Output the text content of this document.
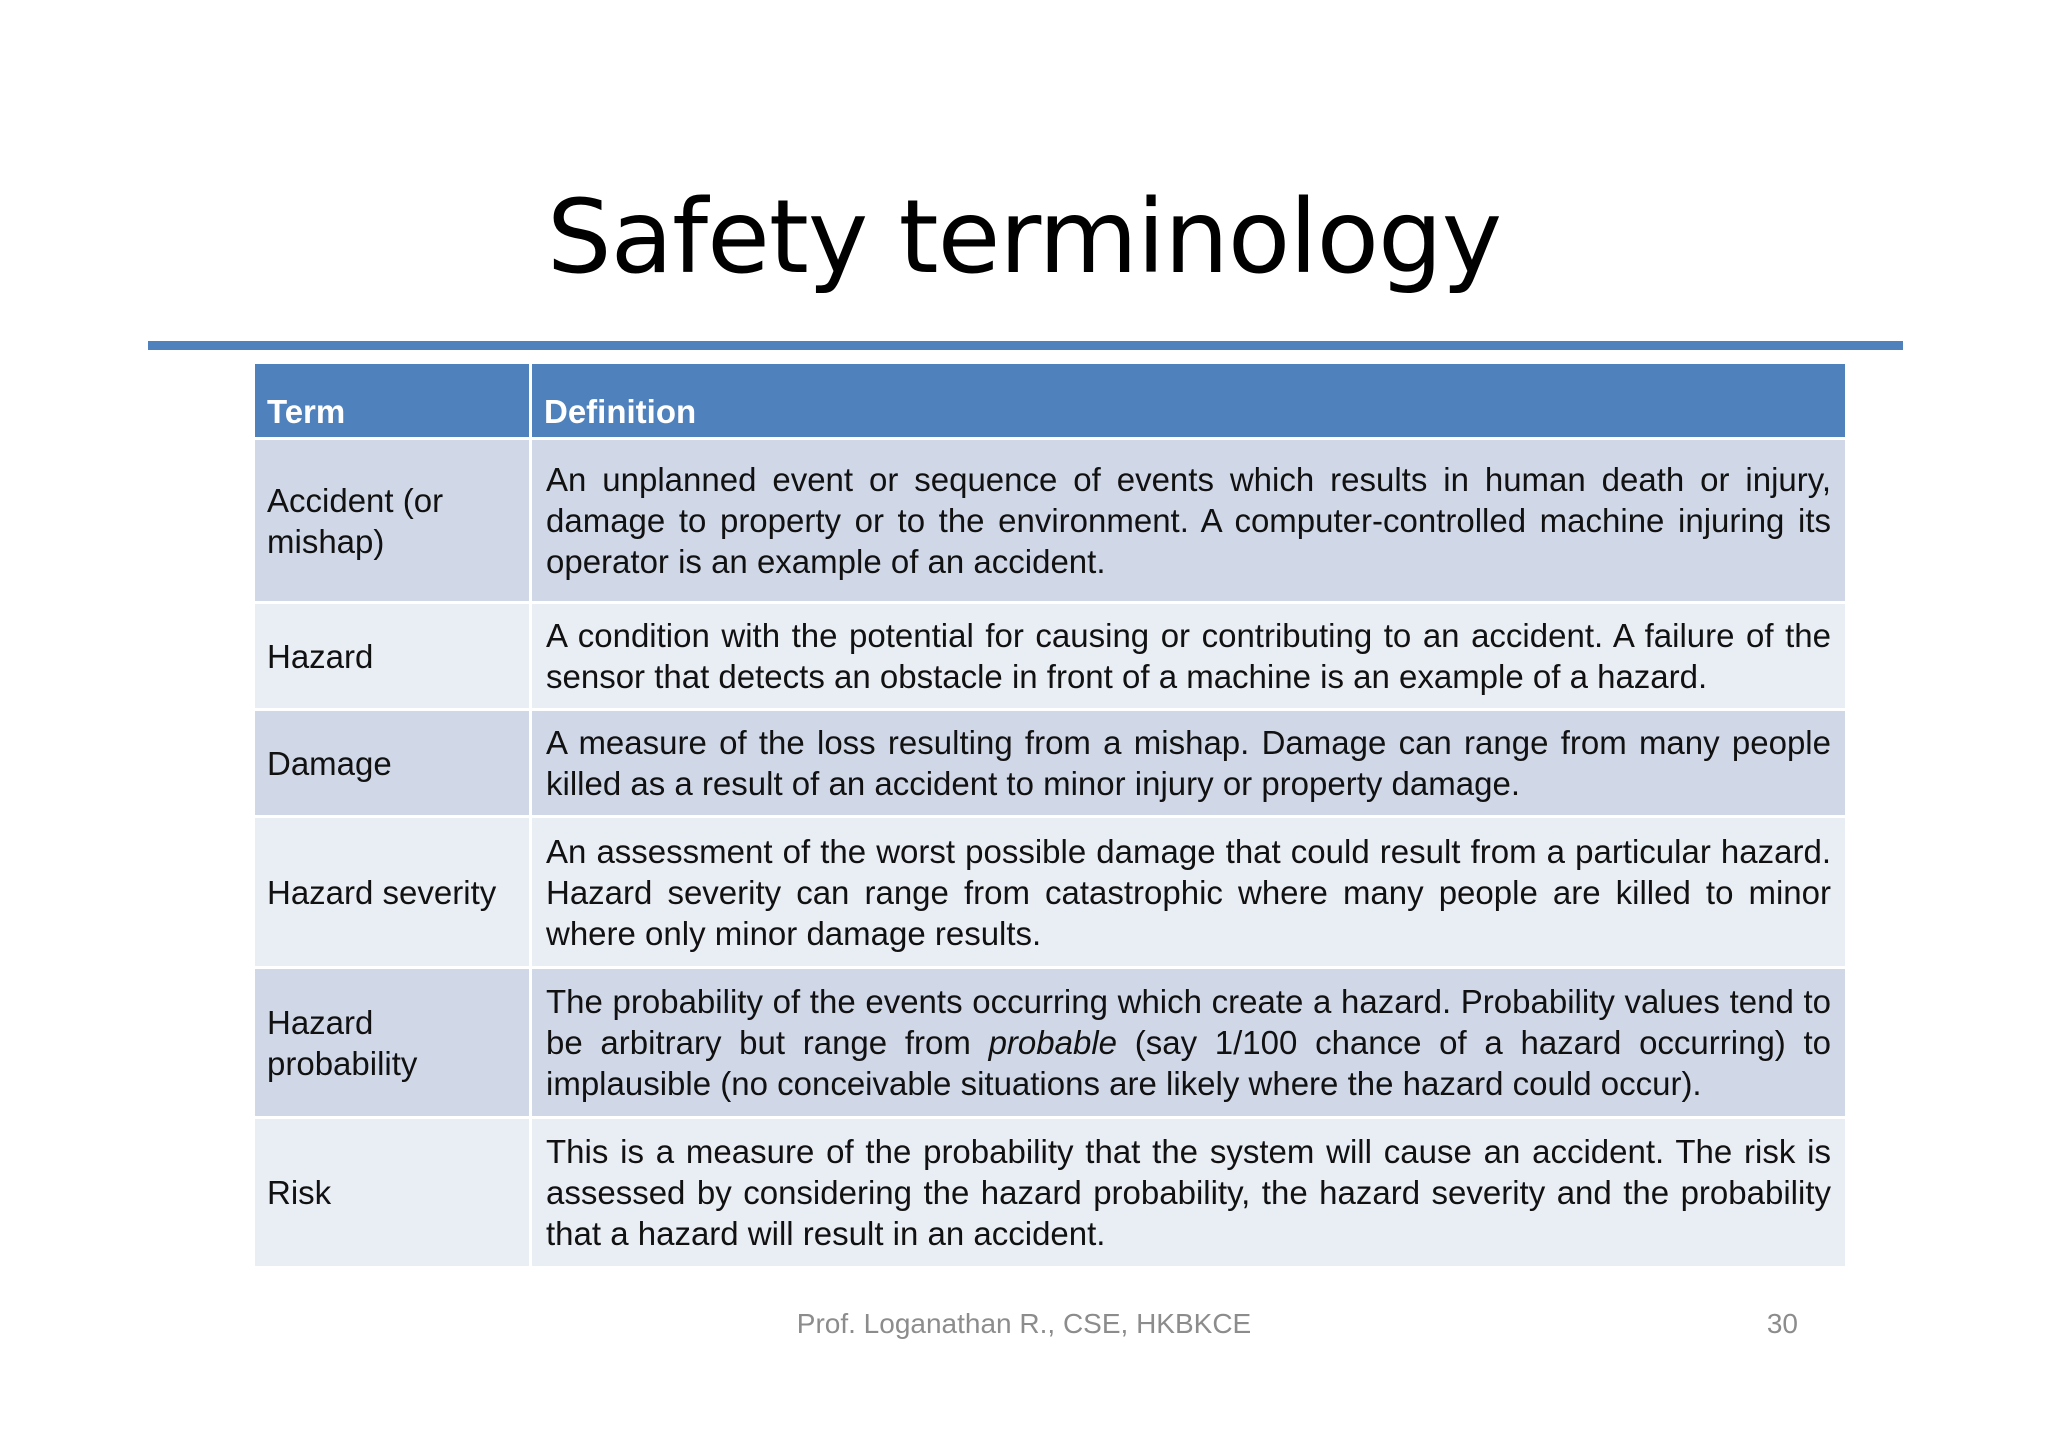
Safety terminology
Term	Definition
Accident (or mishap)	An unplanned event or sequence of events which results in human death or injury, damage to property or to the environment. A computer-controlled machine injuring its operator is an example of an accident.
Hazard	A condition with the potential for causing or contributing to an accident. A failure of the sensor that detects an obstacle in front of a machine is an example of a hazard.
Damage	A measure of the loss resulting from a mishap. Damage can range from many people killed as a result of an accident to minor injury or property damage.
Hazard severity	An assessment of the worst possible damage that could result from a particular hazard. Hazard severity can range from catastrophic where many people are killed to minor where only minor damage results.
Hazard probability	The probability of the events occurring which create a hazard. Probability values tend to be arbitrary but range from probable (say 1/100 chance of a hazard occurring) to implausible (no conceivable situations are likely where the hazard could occur).
Risk	This is a measure of the probability that the system will cause an accident. The risk is assessed by considering the hazard probability, the hazard severity and the probability that a hazard will result in an accident.
Prof. Loganathan R., CSE, HKBKCE	30
